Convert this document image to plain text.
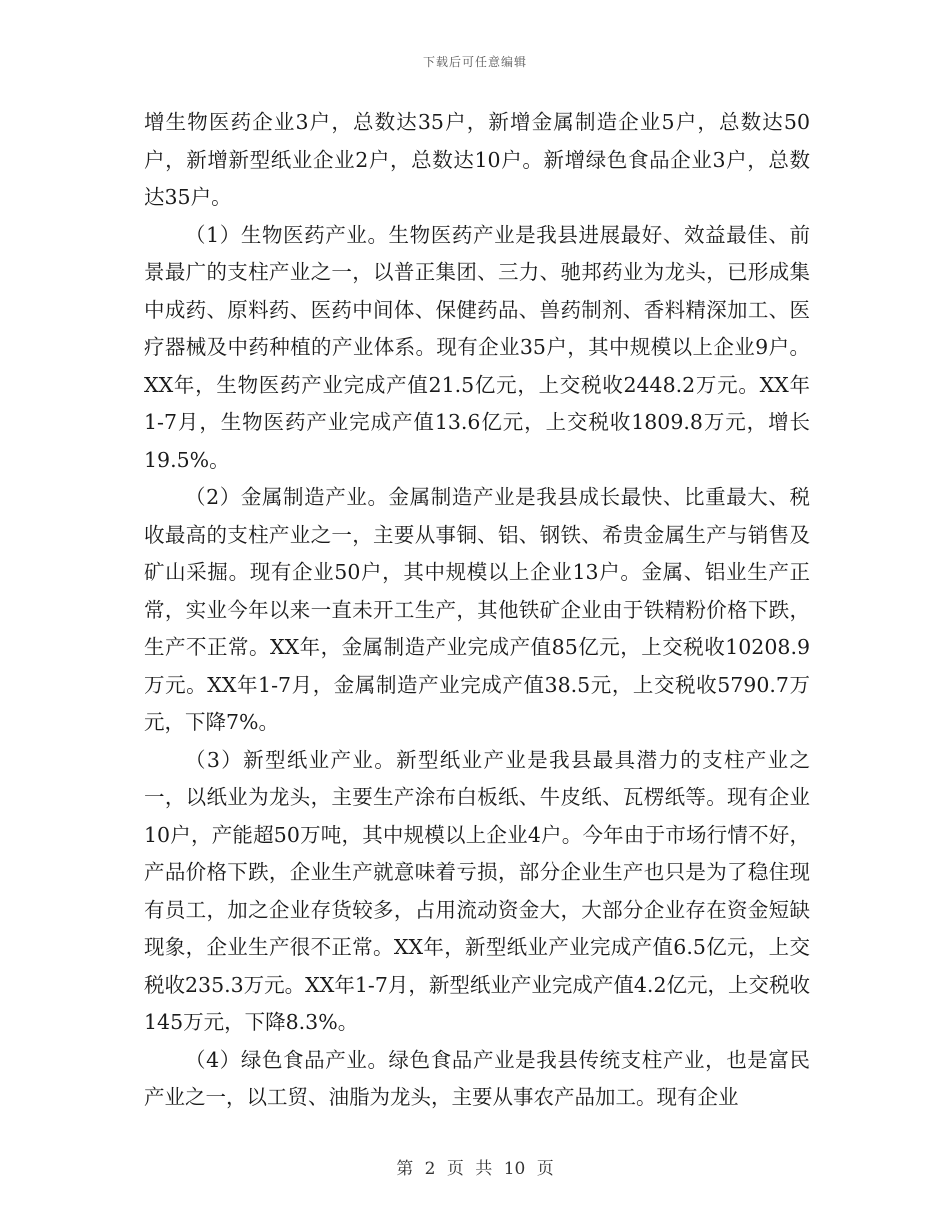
下载后可任意编辑

增生物医药企业3户，总数达35户，新增金属制造企业5户，总数达50户，新增新型纸业企业2户，总数达10户。新增绿色食品企业3户，总数达35户。

（1）生物医药产业。生物医药产业是我县进展最好、效益最佳、前景最广的支柱产业之一，以普正集团、三力、驰邦药业为龙头，已形成集中成药、原料药、医药中间体、保健药品、兽药制剂、香料精深加工、医疗器械及中药种植的产业体系。现有企业35户，其中规模以上企业9户。XX年，生物医药产业完成产值21.5亿元，上交税收2448.2万元。XX年1-7月，生物医药产业完成产值13.6亿元，上交税收1809.8万元，增长19.5%。

（2）金属制造产业。金属制造产业是我县成长最快、比重最大、税收最高的支柱产业之一，主要从事铜、铝、钢铁、希贵金属生产与销售及矿山采掘。现有企业50户，其中规模以上企业13户。金属、铝业生产正常，实业今年以来一直未开工生产，其他铁矿企业由于铁精粉价格下跌，生产不正常。XX年，金属制造产业完成产值85亿元，上交税收10208.9万元。XX年1-7月，金属制造产业完成产值38.5元，上交税收5790.7万元，下降7%。

（3）新型纸业产业。新型纸业产业是我县最具潜力的支柱产业之一，以纸业为龙头，主要生产涂布白板纸、牛皮纸、瓦楞纸等。现有企业10户，产能超50万吨，其中规模以上企业4户。今年由于市场行情不好，产品价格下跌，企业生产就意味着亏损，部分企业生产也只是为了稳住现有员工，加之企业存货较多，占用流动资金大，大部分企业存在资金短缺现象，企业生产很不正常。XX年，新型纸业产业完成产值6.5亿元，上交税收235.3万元。XX年1-7月，新型纸业产业完成产值4.2亿元，上交税收145万元，下降8.3%。

（4）绿色食品产业。绿色食品产业是我县传统支柱产业，也是富民产业之一，以工贸、油脂为龙头，主要从事农产品加工。现有企业

第 2 页 共 10 页
